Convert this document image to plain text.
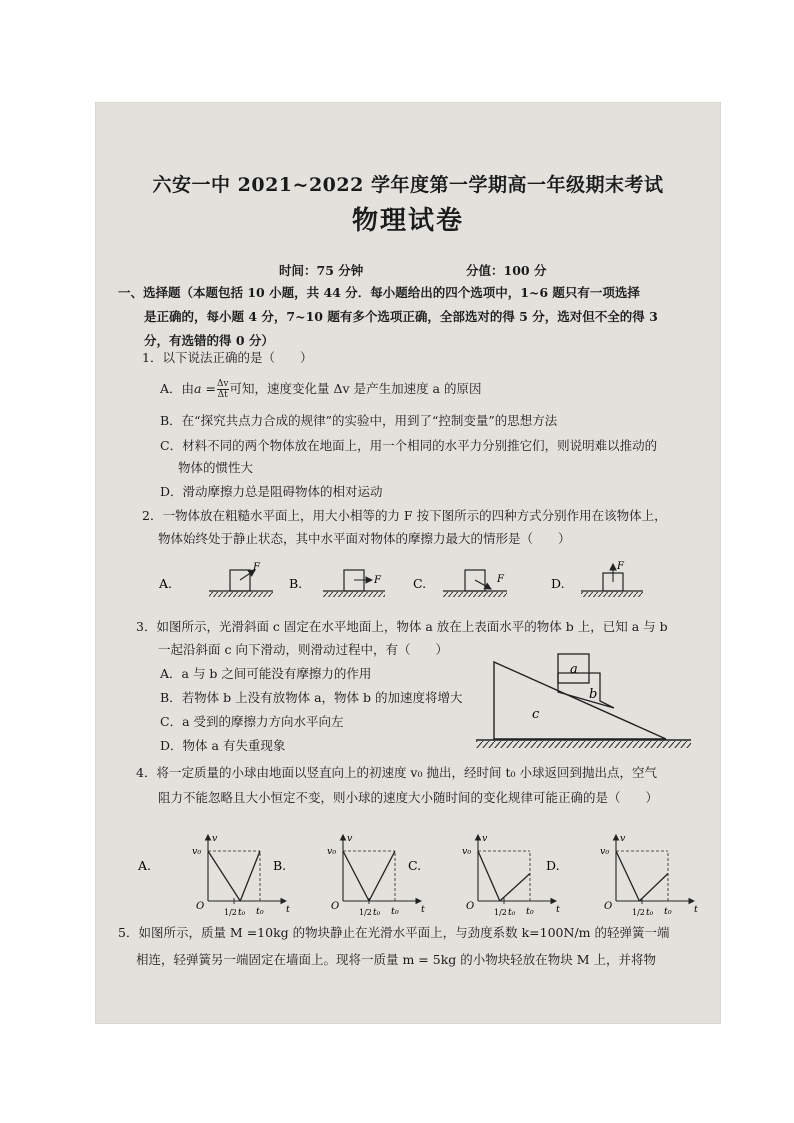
六安一中 2021~2022 学年度第一学期高一年级期末考试
物理试卷
时间：75 分钟	分值：100 分
一、选择题（本题包括 10 小题，共 44 分．每小题给出的四个选项中，1~6 题只有一项选择
是正确的，每小题 4 分，7~10 题有多个选项正确，全部选对的得 5 分，选对但不全的得 3
分，有选错的得 0 分）
1．以下说法正确的是（　　）
A．由$a = \frac{\Delta v}{\Delta t}$ 可知，速度变化量 Δv 是产生加速度 a 的原因
B．在“探究共点力合成的规律”的实验中，用到了“控制变量”的思想方法
C．材料不同的两个物体放在地面上，用一个相同的水平力分别推它们，则说明难以推动的
物体的惯性大
D．滑动摩擦力总是阻碍物体的相对运动
2．一物体放在粗糙水平面上，用大小相等的力 F 按下图所示的四种方式分别作用在该物体上，
物体始终处于静止状态，其中水平面对物体的摩擦力最大的情形是（　　）
A.
F
B.	F	C.	F	D.
F
3．如图所示，光滑斜面 c 固定在水平地面上，物体 a 放在上表面水平的物体 b 上，已知 a 与 b
一起沿斜面 c 向下滑动，则滑动过程中，有（　　）
A．a 与 b 之间可能没有摩擦力的作用
B．若物体 b 上没有放物体 a，物体 b 的加速度将增大
C．a 受到的摩擦力方向水平向左
D．物体 a 有失重现象
a
b
c
4．将一定质量的小球由地面以竖直向上的初速度 v₀ 抛出，经时间 t₀ 小球返回到抛出点，空气
阻力不能忽略且大小恒定不变，则小球的速度大小随时间的变化规律可能正确的是（　　）
A.
v
t
O
v₀
t₀
1/2 t₀
B.
v
t
O
v₀
t₀
1/2 t₀
C.
v
t
O
v₀
t₀
1/2 t₀
D.
v
t
O
v₀
t₀
1/2 t₀
5．如图所示，质量 M =10kg 的物块静止在光滑水平面上，与劲度系数 k=100N/m 的轻弹簧一端
相连，轻弹簧另一端固定在墙面上。现将一质量 m = 5kg 的小物块轻放在物块 M 上，并将物
